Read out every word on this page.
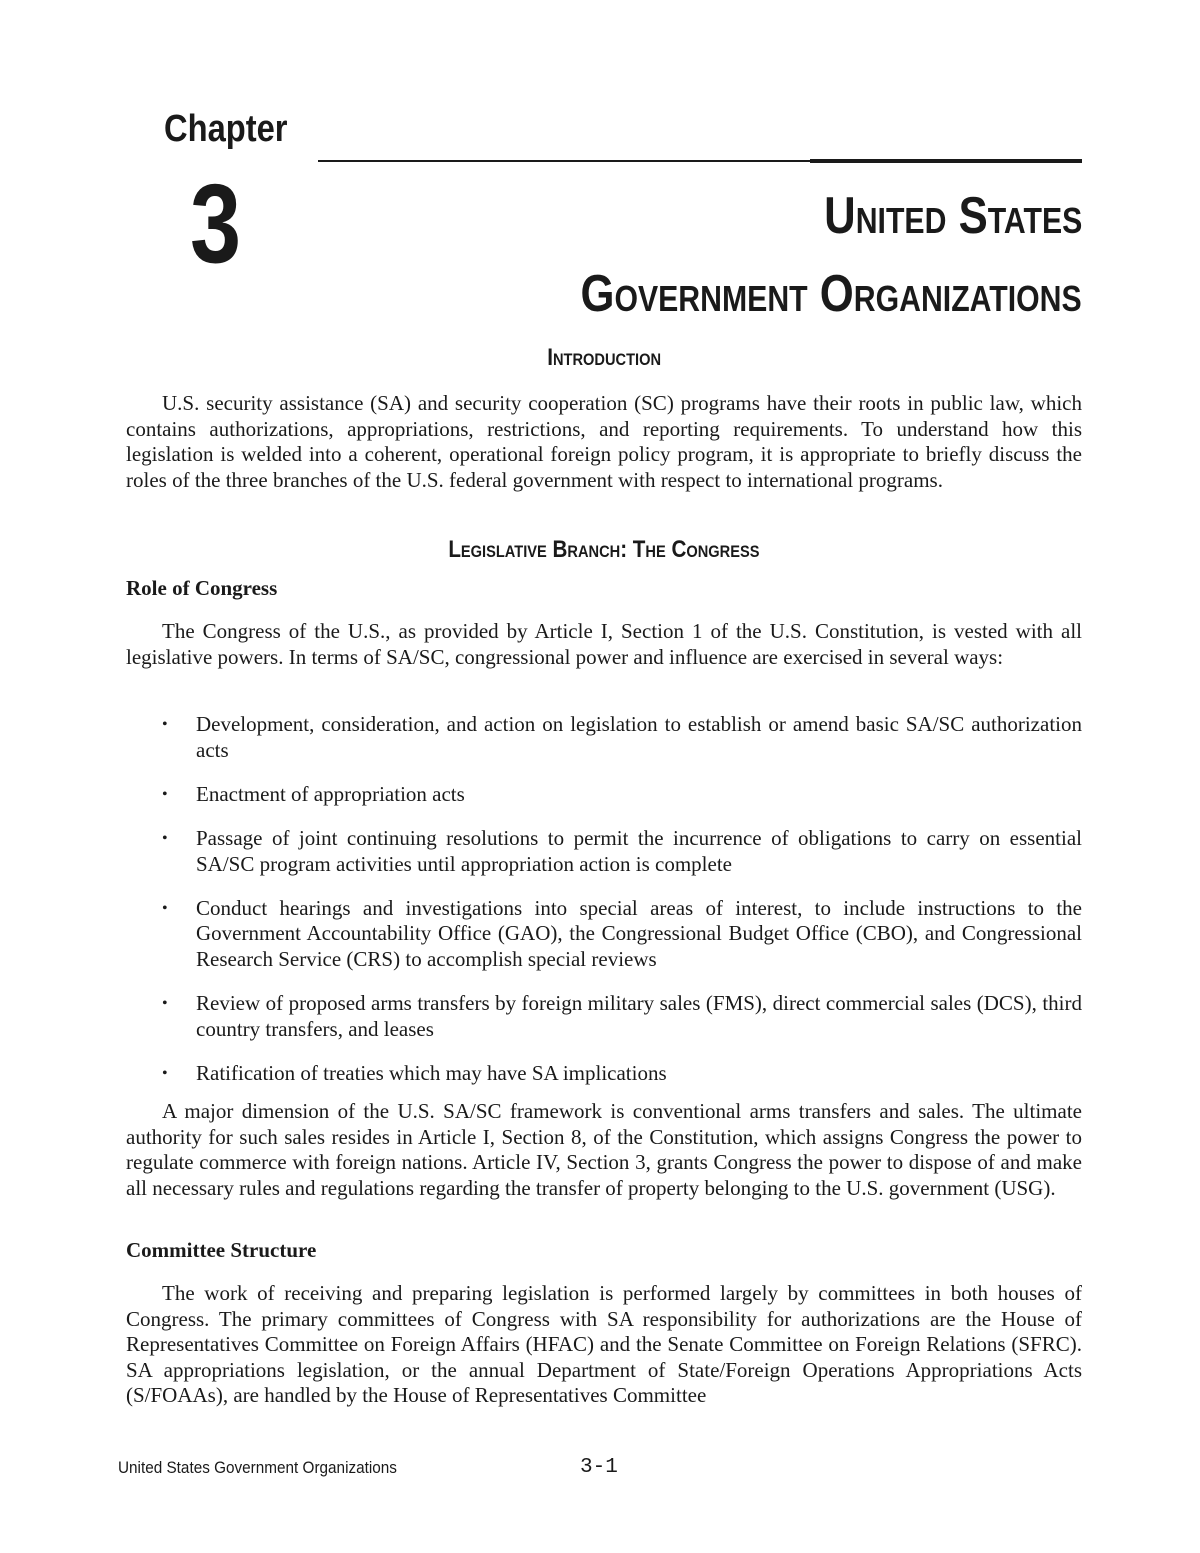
Chapter
3	United States
Government Organizations
Introduction

U.S. security assistance (SA) and security cooperation (SC) programs have their roots in public law, which contains authorizations, appropriations, restrictions, and reporting requirements. To understand how this legislation is welded into a coherent, operational foreign policy program, it is appropriate to briefly discuss the roles of the three branches of the U.S. federal government with respect to international programs.

Legislative Branch: The Congress
Role of Congress

The Congress of the U.S., as provided by Article I, Section 1 of the U.S. Constitution, is vested with all legislative powers. In terms of SA/SC, congressional power and influence are exercised in several ways:

• Development, consideration, and action on legislation to establish or amend basic SA/SC authorization acts
• Enactment of appropriation acts
• Passage of joint continuing resolutions to permit the incurrence of obligations to carry on essential SA/SC program activities until appropriation action is complete
• Conduct hearings and investigations into special areas of interest, to include instructions to the Government Accountability Office (GAO), the Congressional Budget Office (CBO), and Congressional Research Service (CRS) to accomplish special reviews
• Review of proposed arms transfers by foreign military sales (FMS), direct commercial sales (DCS), third country transfers, and leases
• Ratification of treaties which may have SA implications

A major dimension of the U.S. SA/SC framework is conventional arms transfers and sales. The ultimate authority for such sales resides in Article I, Section 8, of the Constitution, which assigns Congress the power to regulate commerce with foreign nations. Article IV, Section 3, grants Congress the power to dispose of and make all necessary rules and regulations regarding the transfer of property belonging to the U.S. government (USG).

Committee Structure

The work of receiving and preparing legislation is performed largely by committees in both houses of Congress. The primary committees of Congress with SA responsibility for authorizations are the House of Representatives Committee on Foreign Affairs (HFAC) and the Senate Committee on Foreign Relations (SFRC). SA appropriations legislation, or the annual Department of State/Foreign Operations Appropriations Acts (S/FOAAs), are handled by the House of Representatives Committee

United States Government Organizations	3-1
